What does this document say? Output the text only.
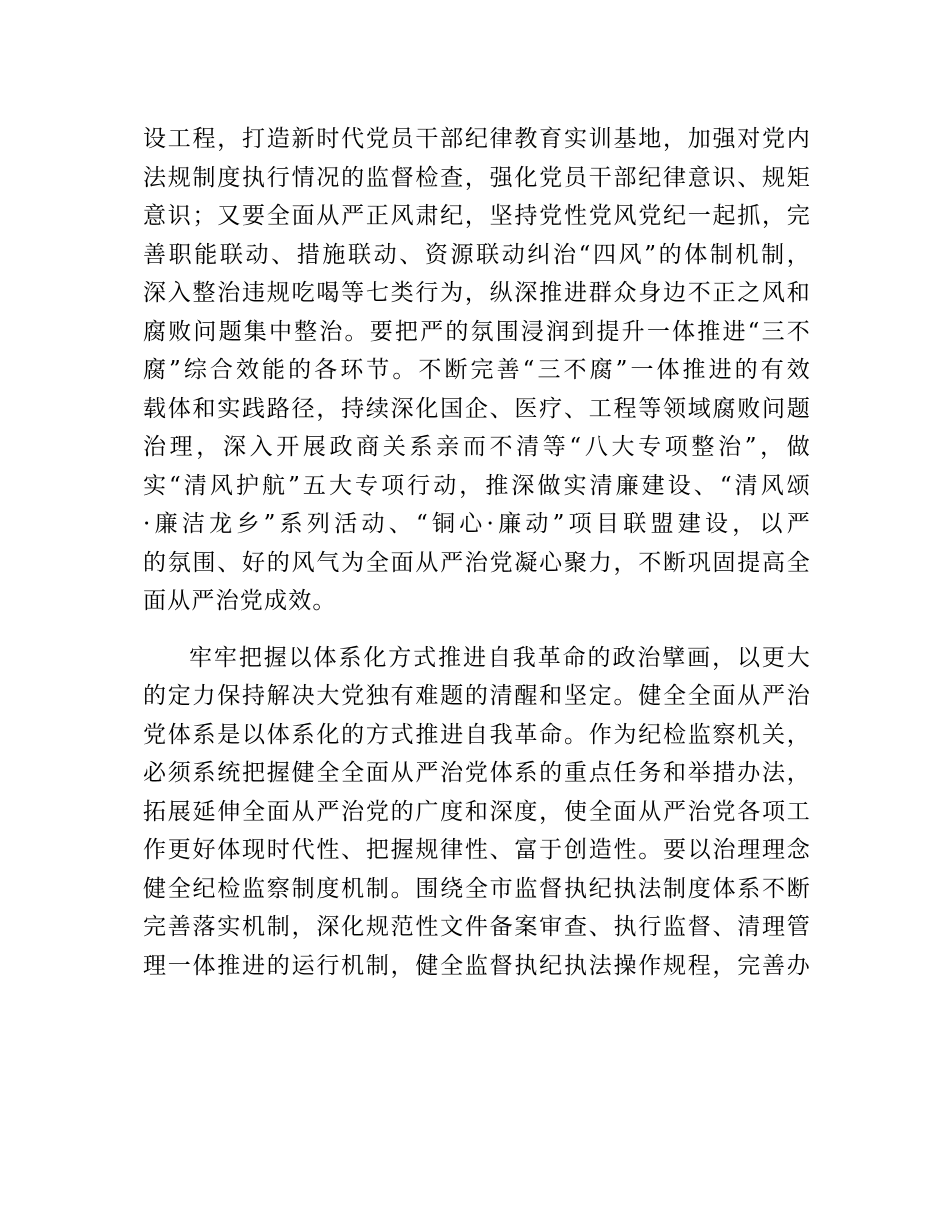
设工程，打造新时代党员干部纪律教育实训基地，加强对党内
法规制度执行情况的监督检查，强化党员干部纪律意识、规矩
意识；又要全面从严正风肃纪，坚持党性党风党纪一起抓，完
善职能联动、措施联动、资源联动纠治“四风”的体制机制，
深入整治违规吃喝等七类行为，纵深推进群众身边不正之风和
腐败问题集中整治。要把严的氛围浸润到提升一体推进“三不
腐”综合效能的各环节。不断完善“三不腐”一体推进的有效
载体和实践路径，持续深化国企、医疗、工程等领域腐败问题
治理，深入开展政商关系亲而不清等“八大专项整治”，做
实“清风护航”五大专项行动，推深做实清廉建设、“清风颂
·廉洁龙乡”系列活动、“铜心·廉动”项目联盟建设，以严
的氛围、好的风气为全面从严治党凝心聚力，不断巩固提高全
面从严治党成效。
牢牢把握以体系化方式推进自我革命的政治擘画，以更大
的定力保持解决大党独有难题的清醒和坚定。健全全面从严治
党体系是以体系化的方式推进自我革命。作为纪检监察机关，
必须系统把握健全全面从严治党体系的重点任务和举措办法，
拓展延伸全面从严治党的广度和深度，使全面从严治党各项工
作更好体现时代性、把握规律性、富于创造性。要以治理理念
健全纪检监察制度机制。围绕全市监督执纪执法制度体系不断
完善落实机制，深化规范性文件备案审查、执行监督、清理管
理一体推进的运行机制，健全监督执纪执法操作规程，完善办
